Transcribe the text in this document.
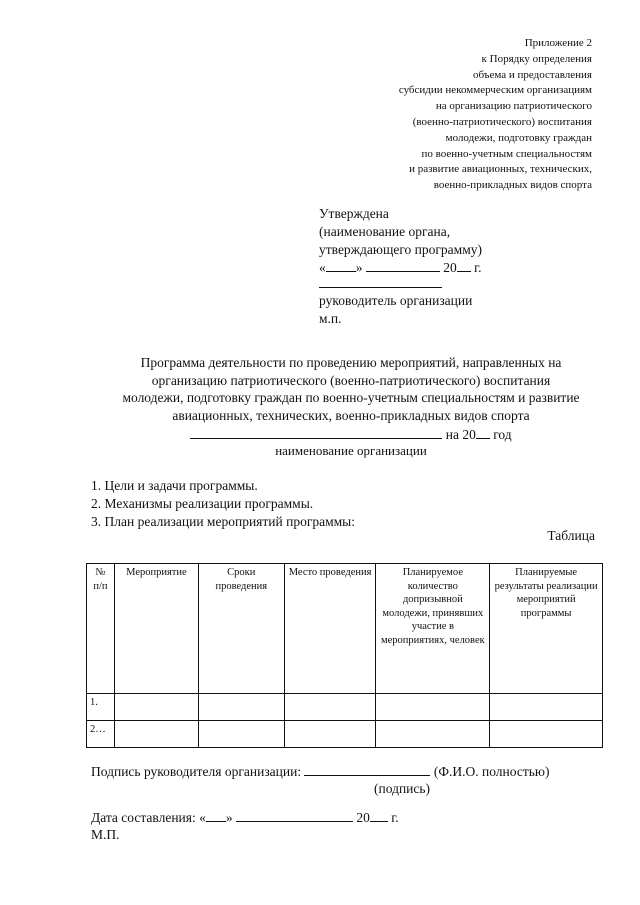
Приложение 2
к Порядку определения
объема и предоставления
субсидии некоммерческим организациям
на организацию патриотического
(военно-патриотического) воспитания
молодежи, подготовку граждан
по военно-учетным специальностям
и развитие авиационных, технических,
военно-прикладных видов спорта
Утверждена
(наименование органа,
утверждающего программу)
« »	20 г.
руководитель организации
м.п.
Программа деятельности по проведению мероприятий, направленных на
организацию патриотического (военно-патриотического) воспитания
молодежи, подготовку граждан по военно-учетным специальностям и развитие
авиационных, технических, военно-прикладных видов спорта
на 20 год
наименование организации
1. Цели и задачи программы.
2. Механизмы реализации программы.
3. План реализации мероприятий программы:
Таблица
№ п/п	Мероприятие	Сроки проведения	Место проведения	Планируемое количество допризывной молодежи, принявших участие в мероприятиях, человек	Планируемые результаты реализации мероприятий программы
1.					
2…					
Подпись руководителя организации:	(Ф.И.О. полностью)
(подпись)
Дата составления: « »	20 г.
М.П.
